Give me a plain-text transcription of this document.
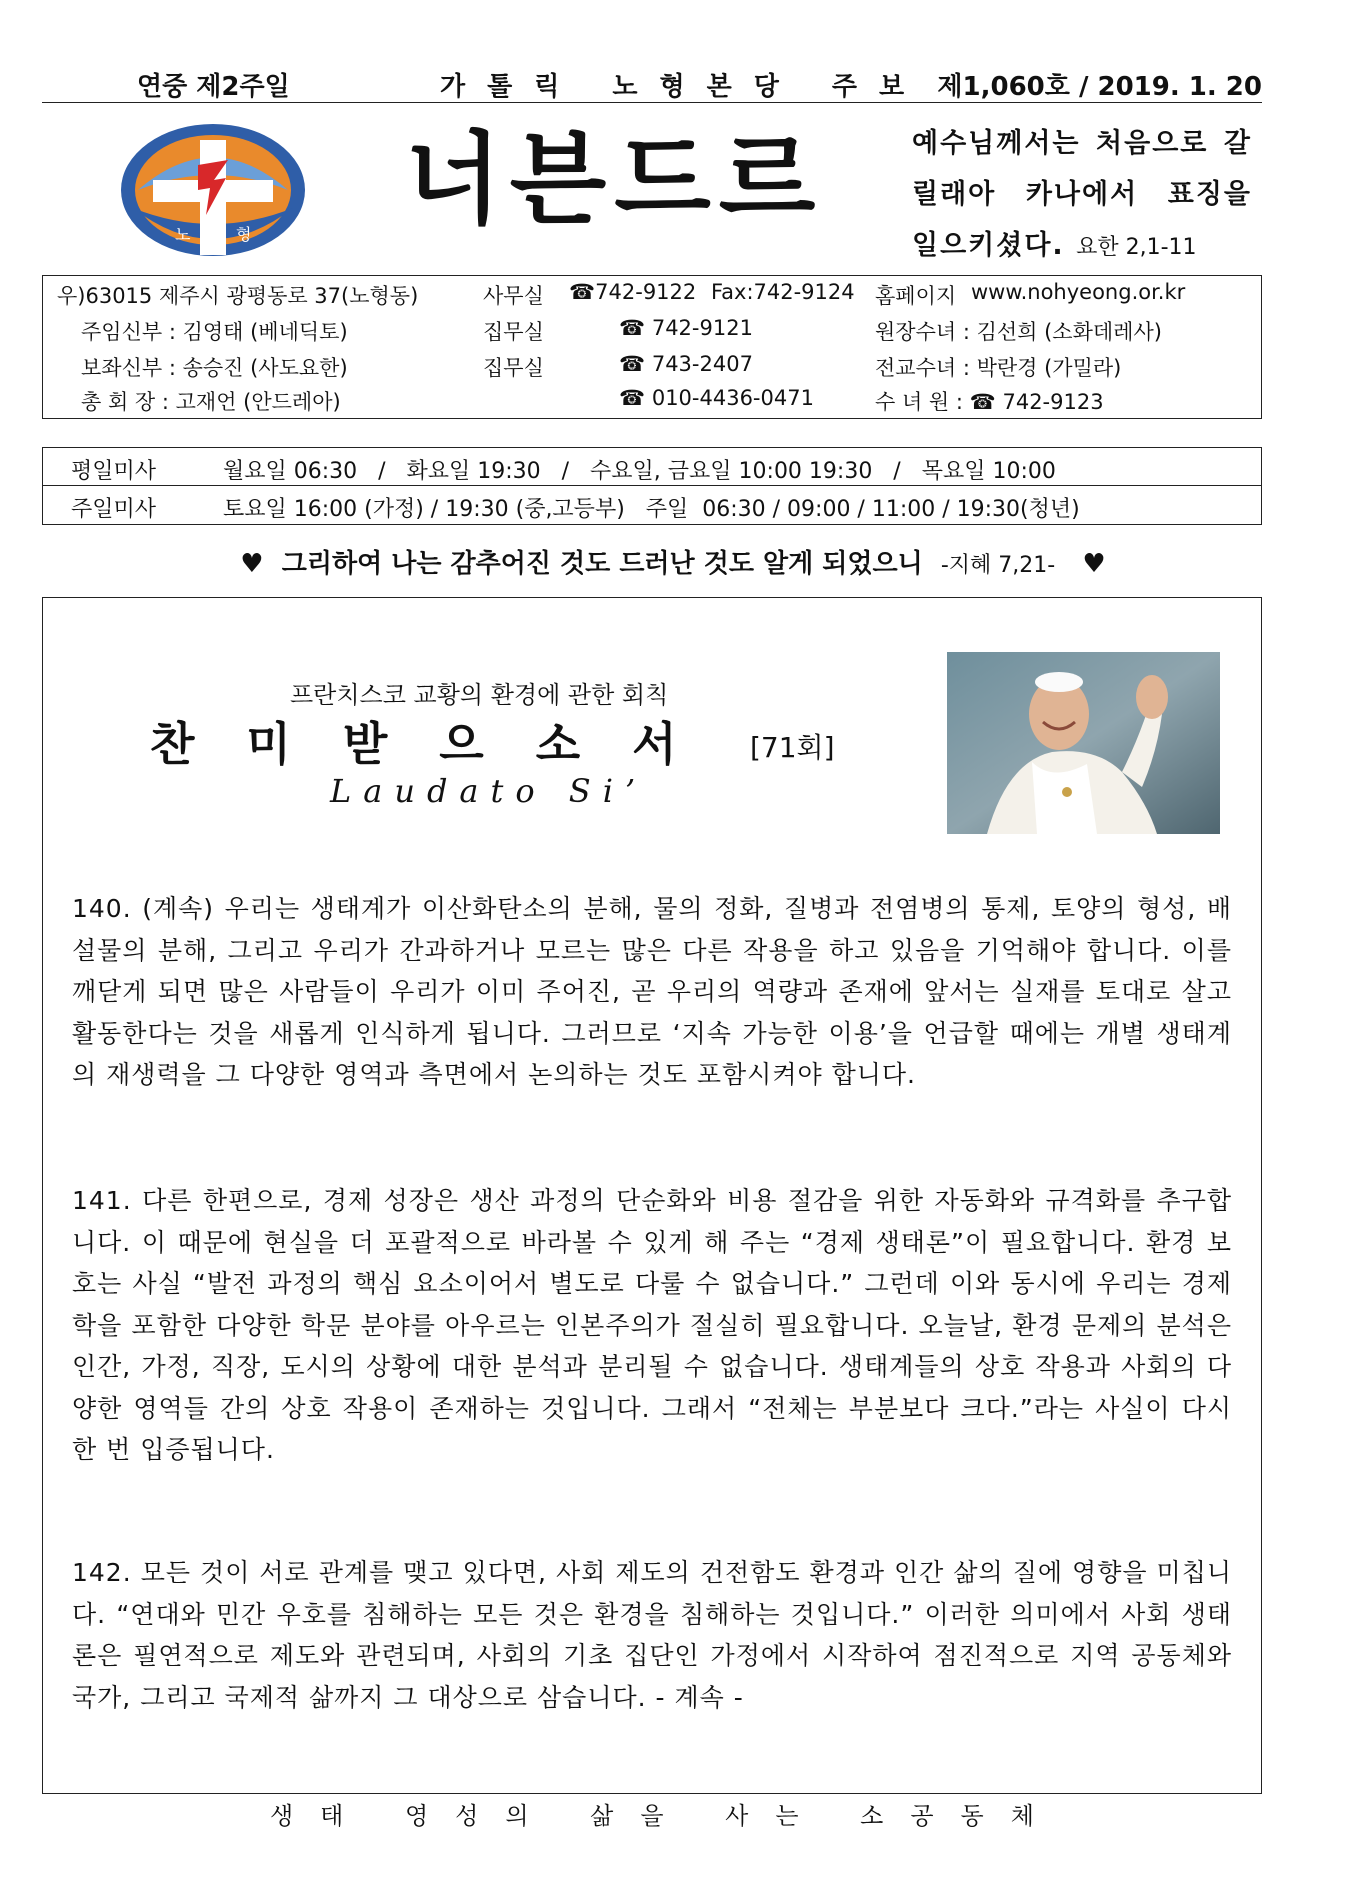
연중 제2주일	가톨릭 노형본당 주보 제1,060호 / 2019. 1. 20
노	형 너븐드르	예수님께서는 처음으로 갈릴래아 카나에서 표징을 일으키셨다. 요한 2,1-11
우)63015 제주시 광평동로 37(노형동)	사무실 ☎742-9122 Fax:742-9124 홈페이지 www.nohyeong.or.kr
주임신부 : 김영태 (베네딕토)	집무실	☎ 742-9121	원장수녀 : 김선희 (소화데레사)
보좌신부 : 송승진 (사도요한)	집무실	☎ 743-2407	전교수녀 : 박란경 (가밀라)
총 회 장 : 고재언 (안드레아)	☎ 010-4436-0471	수 녀 원 : ☎ 742-9123
평일미사	월요일 06:30   /   화요일 19:30   /   수요일, 금요일 10:00 19:30   /   목요일 10:00
주일미사	토요일 16:00 (가정) / 19:30 (중,고등부)   주일  06:30 / 09:00 / 11:00 / 19:30(청년)
♥ 그리하여 나는 감추어진 것도 드러난 것도 알게 되었으니 -지혜 7,21- ♥
프란치스코 교황의 환경에 관한 회칙
찬미받으소서 [71회]
Laudato Si’
140. (계속) 우리는 생태계가 이산화탄소의 분해, 물의 정화, 질병과 전염병의 통제, 토양의 형성, 배설물의 분해, 그리고 우리가 간과하거나 모르는 많은 다른 작용을 하고 있음을 기억해야 합니다. 이를 깨닫게 되면 많은 사람들이 우리가 이미 주어진, 곧 우리의 역량과 존재에 앞서는 실재를 토대로 살고 활동한다는 것을 새롭게 인식하게 됩니다. 그러므로 ‘지속 가능한 이용’을 언급할 때에는 개별 생태계의 재생력을 그 다양한 영역과 측면에서 논의하는 것도 포함시켜야 합니다.
141. 다른 한편으로, 경제 성장은 생산 과정의 단순화와 비용 절감을 위한 자동화와 규격화를 추구합니다. 이 때문에 현실을 더 포괄적으로 바라볼 수 있게 해 주는 “경제 생태론”이 필요합니다. 환경 보호는 사실 “발전 과정의 핵심 요소이어서 별도로 다룰 수 없습니다.” 그런데 이와 동시에 우리는 경제학을 포함한 다양한 학문 분야를 아우르는 인본주의가 절실히 필요합니다. 오늘날, 환경 문제의 분석은 인간, 가정, 직장, 도시의 상황에 대한 분석과 분리될 수 없습니다. 생태계들의 상호 작용과 사회의 다양한 영역들 간의 상호 작용이 존재하는 것입니다. 그래서 “전체는 부분보다 크다.”라는 사실이 다시 한 번 입증됩니다.
142. 모든 것이 서로 관계를 맺고 있다면, 사회 제도의 건전함도 환경과 인간 삶의 질에 영향을 미칩니다. “연대와 민간 우호를 침해하는 모든 것은 환경을 침해하는 것입니다.” 이러한 의미에서 사회 생태론은 필연적으로 제도와 관련되며, 사회의 기초 집단인 가정에서 시작하여 점진적으로 지역 공동체와 국가, 그리고 국제적 삶까지 그 대상으로 삼습니다. - 계속 -
생태 영성의 삶을 사는 소공동체
